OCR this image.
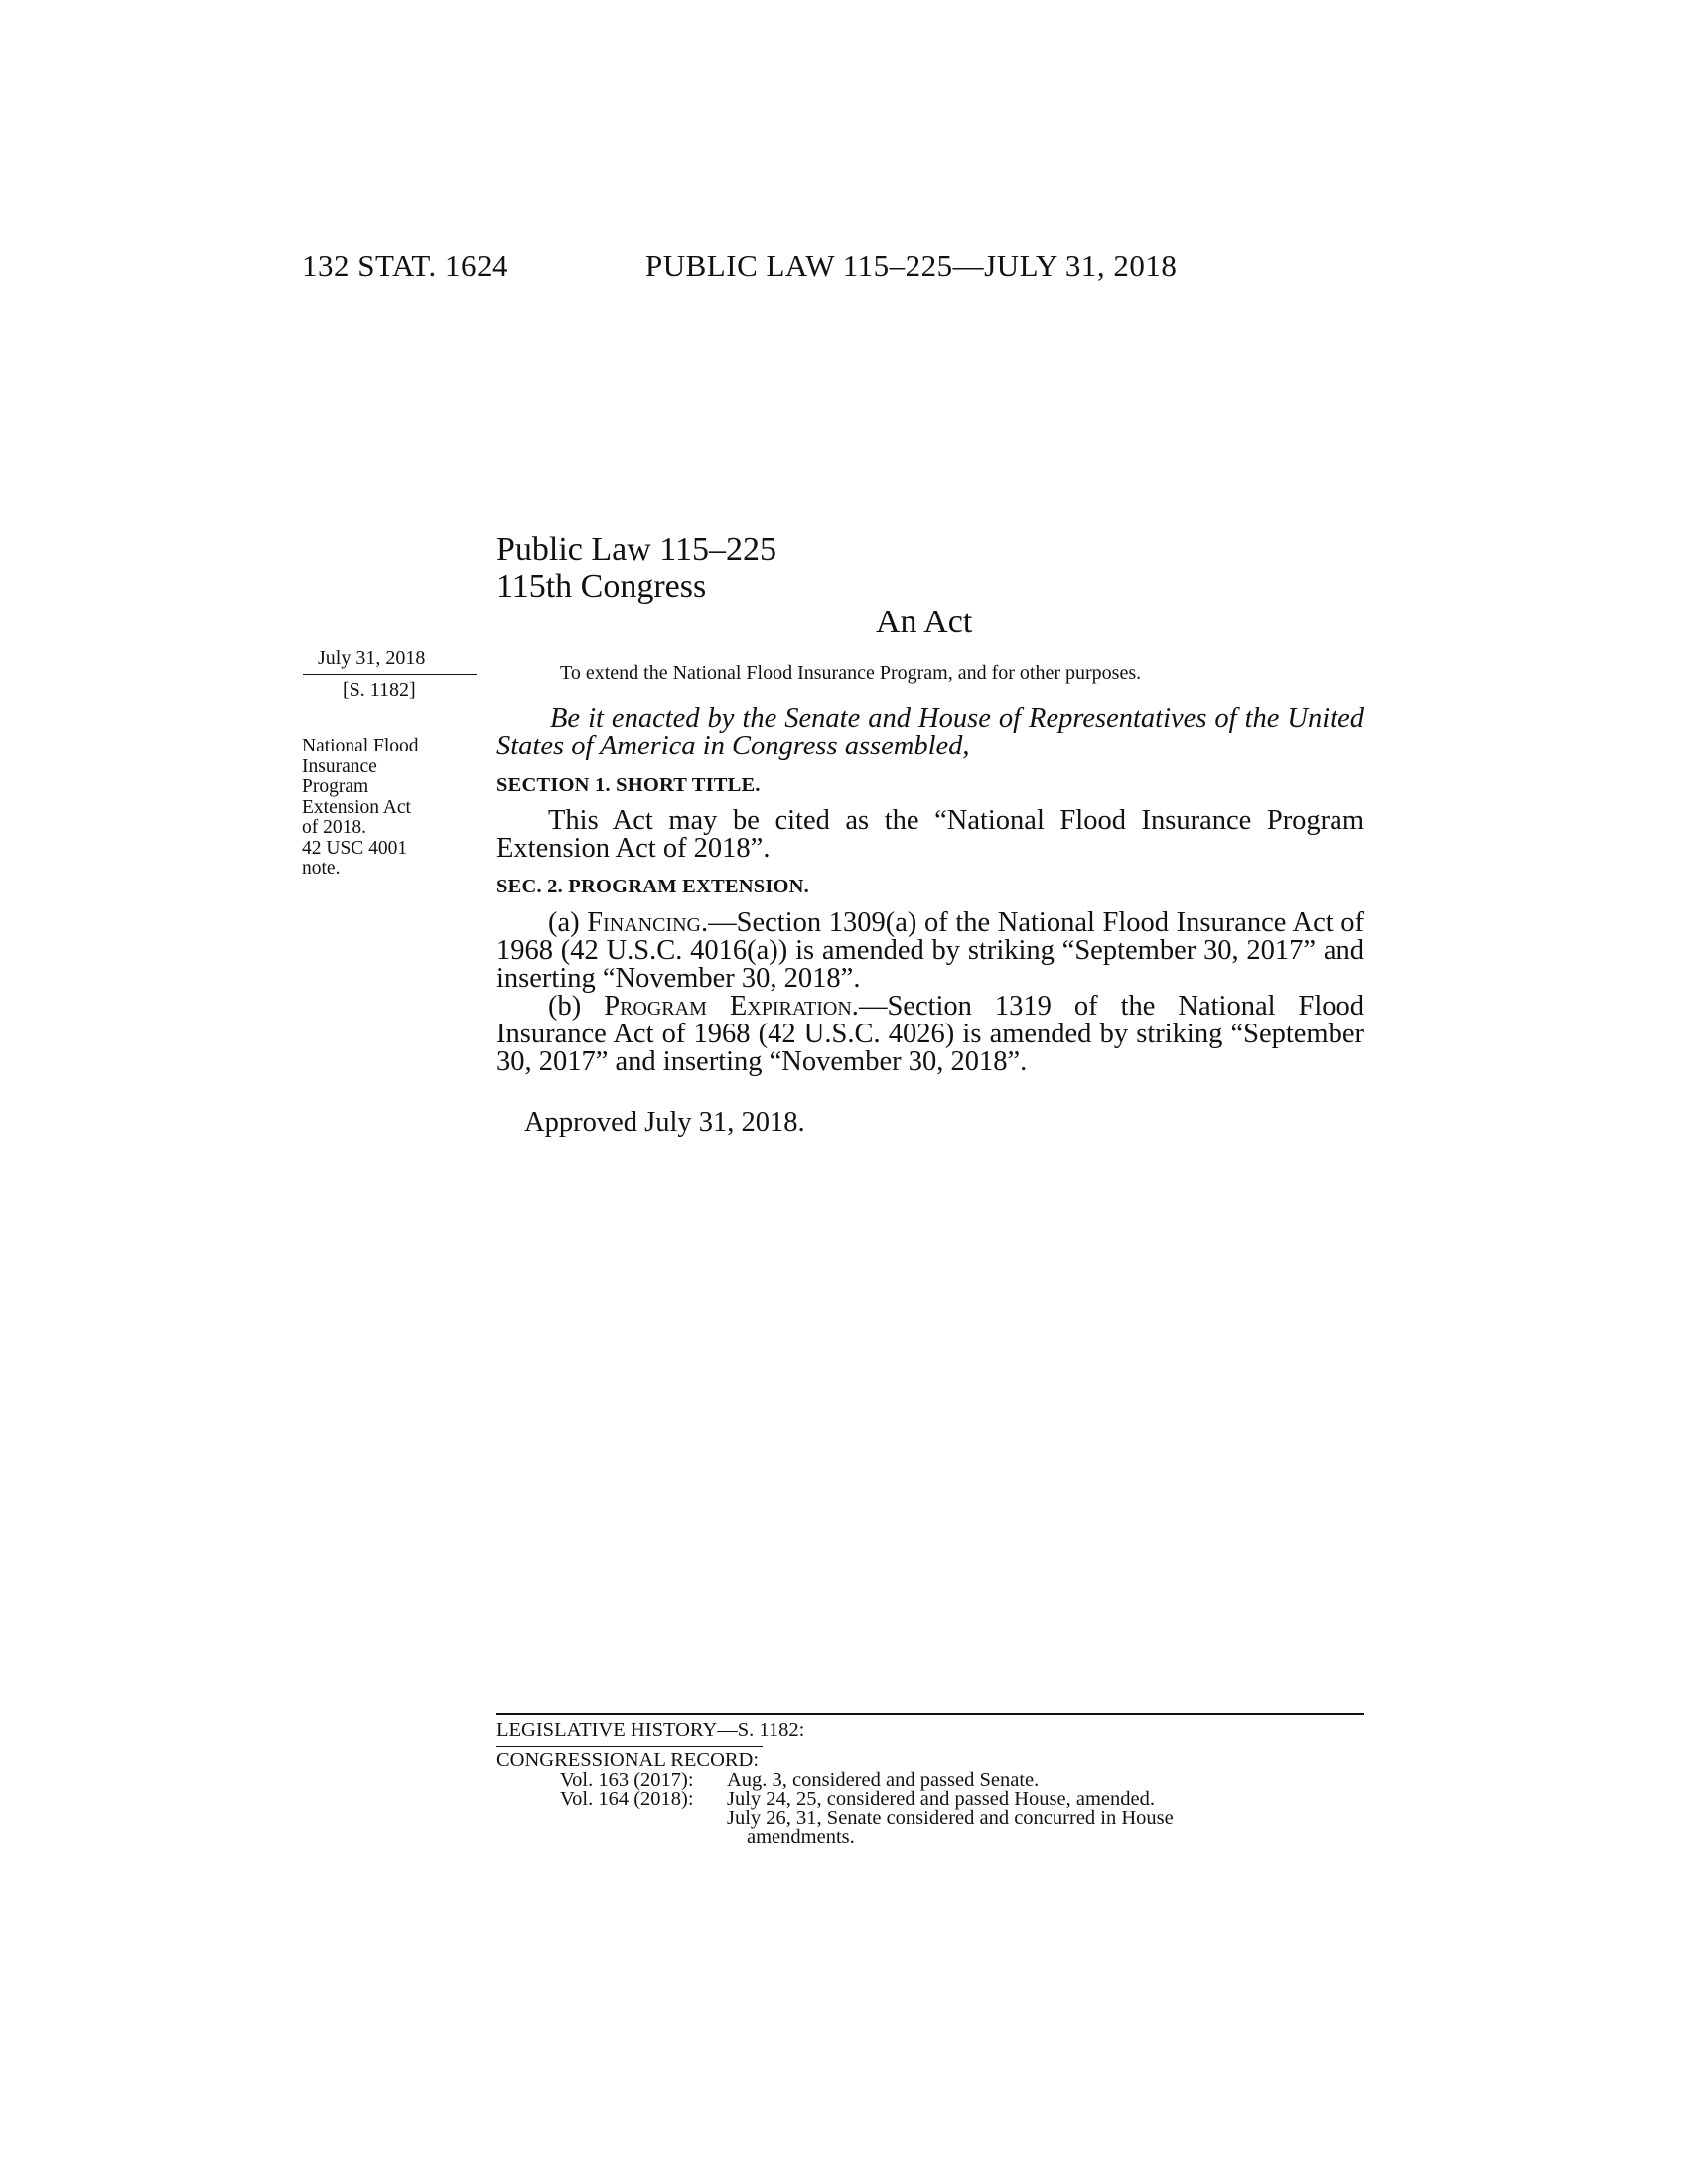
132 STAT. 1624	PUBLIC LAW 115–225—JULY 31, 2018
Public Law 115–225
115th Congress
An Act
July 31, 2018
[S. 1182]
National Flood
Insurance
Program
Extension Act
of 2018.
42 USC 4001
note.
To extend the National Flood Insurance Program, and for other purposes.
Be it enacted by the Senate and House of Representatives of the United States of America in Congress assembled,
SECTION 1. SHORT TITLE.
This Act may be cited as the “National Flood Insurance Program Extension Act of 2018”.
SEC. 2. PROGRAM EXTENSION.
(a) Financing.—Section 1309(a) of the National Flood Insurance Act of 1968 (42 U.S.C. 4016(a)) is amended by striking “September 30, 2017” and inserting “November 30, 2018”.
(b) Program Expiration.—Section 1319 of the National Flood Insurance Act of 1968 (42 U.S.C. 4026) is amended by striking “September 30, 2017” and inserting “November 30, 2018”.
Approved July 31, 2018.
LEGISLATIVE HISTORY—S. 1182:
CONGRESSIONAL RECORD:
Vol. 163 (2017): Aug. 3, considered and passed Senate.
Vol. 164 (2018): July 24, 25, considered and passed House, amended.
July 26, 31, Senate considered and concurred in House
amendments.
